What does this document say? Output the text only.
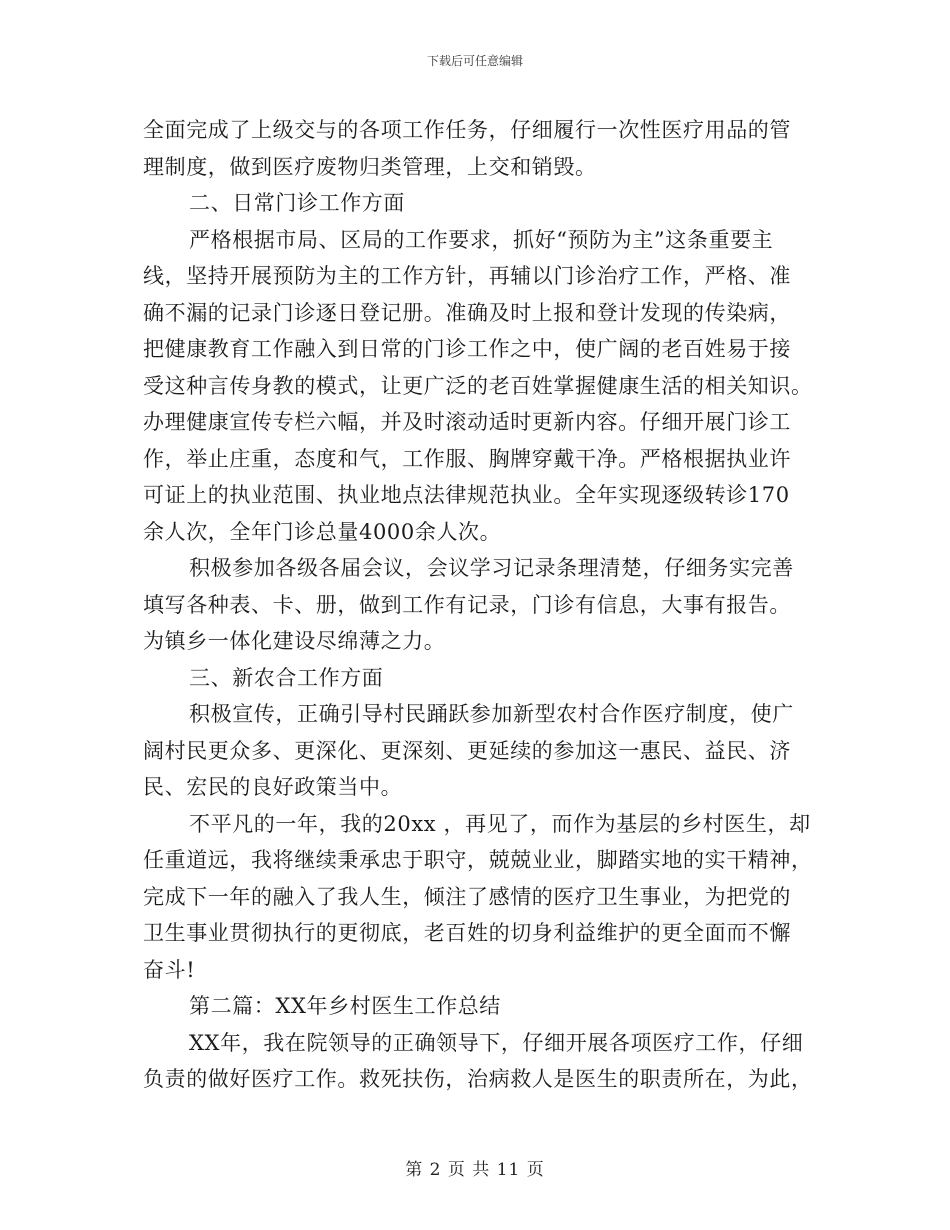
下载后可任意编辑
全面完成了上级交与的各项工作任务，仔细履行一次性医疗用品的管
理制度，做到医疗废物归类管理，上交和销毁。
二、日常门诊工作方面
严格根据市局、区局的工作要求，抓好“预防为主”这条重要主
线，坚持开展预防为主的工作方针，再辅以门诊治疗工作，严格、准
确不漏的记录门诊逐日登记册。准确及时上报和登计发现的传染病，
把健康教育工作融入到日常的门诊工作之中，使广阔的老百姓易于接
受这种言传身教的模式，让更广泛的老百姓掌握健康生活的相关知识。
办理健康宣传专栏六幅，并及时滚动适时更新内容。仔细开展门诊工
作，举止庄重，态度和气，工作服、胸牌穿戴干净。严格根据执业许
可证上的执业范围、执业地点法律规范执业。全年实现逐级转诊170
余人次，全年门诊总量4000余人次。
积极参加各级各届会议，会议学习记录条理清楚，仔细务实完善
填写各种表、卡、册，做到工作有记录，门诊有信息，大事有报告。
为镇乡一体化建设尽绵薄之力。
三、新农合工作方面
积极宣传，正确引导村民踊跃参加新型农村合作医疗制度，使广
阔村民更众多、更深化、更深刻、更延续的参加这一惠民、益民、济
民、宏民的良好政策当中。
不平凡的一年，我的20xx ，再见了，而作为基层的乡村医生，却
任重道远，我将继续秉承忠于职守，兢兢业业，脚踏实地的实干精神，
完成下一年的融入了我人生，倾注了感情的医疗卫生事业，为把党的
卫生事业贯彻执行的更彻底，老百姓的切身利益维护的更全面而不懈
奋斗!
第二篇：XX年乡村医生工作总结
XX年，我在院领导的正确领导下，仔细开展各项医疗工作，仔细
负责的做好医疗工作。救死扶伤，治病救人是医生的职责所在，为此，
第 2 页 共 11 页
